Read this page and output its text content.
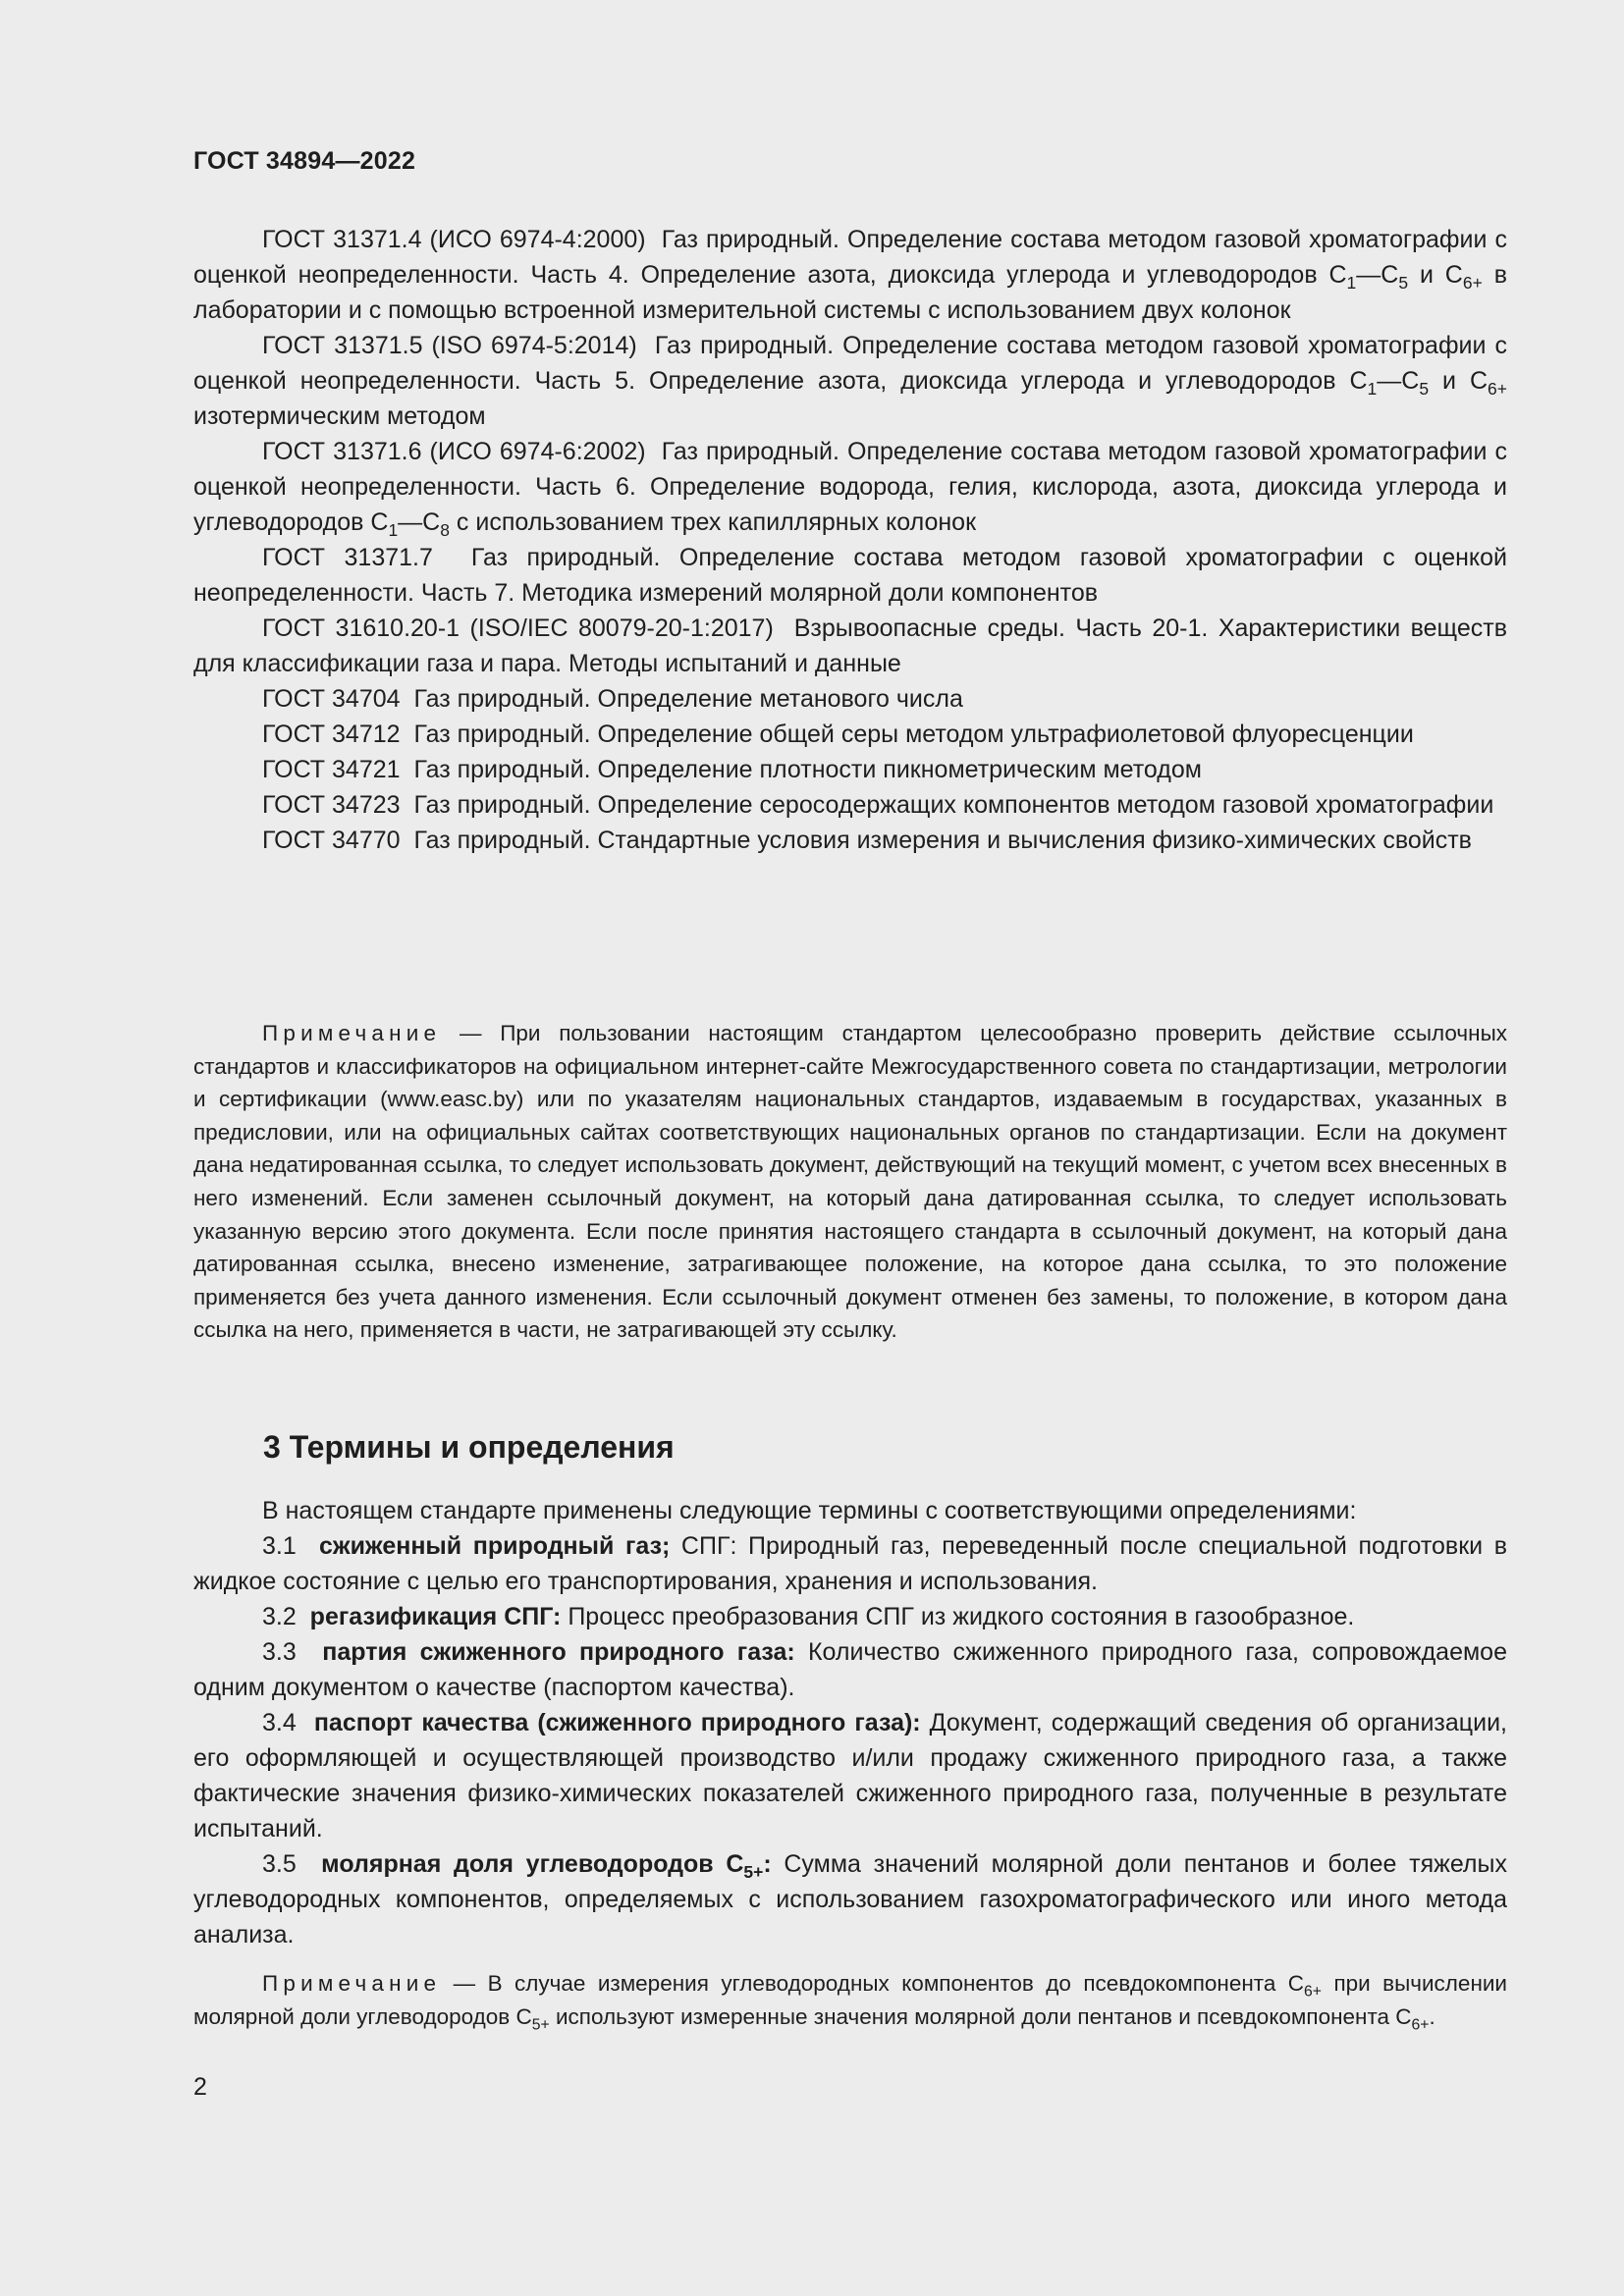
ГОСТ 34894—2022

ГОСТ 31371.4 (ИСО 6974-4:2000) Газ природный. Определение состава методом газовой хроматографии с оценкой неопределенности. Часть 4. Определение азота, диоксида углерода и углеводородов $C_1—C_5$ и $C_{6+}$ в лаборатории и с помощью встроенной измерительной системы с использованием двух колонок

ГОСТ 31371.5 (ISO 6974-5:2014) Газ природный. Определение состава методом газовой хроматографии с оценкой неопределенности. Часть 5. Определение азота, диоксида углерода и углеводородов $C_1—C_5$ и $C_{6+}$ изотермическим методом

ГОСТ 31371.6 (ИСО 6974-6:2002) Газ природный. Определение состава методом газовой хроматографии с оценкой неопределенности. Часть 6. Определение водорода, гелия, кислорода, азота, диоксида углерода и углеводородов $C_1—C_8$ с использованием трех капиллярных колонок

ГОСТ 31371.7 Газ природный. Определение состава методом газовой хроматографии с оценкой неопределенности. Часть 7. Методика измерений молярной доли компонентов

ГОСТ 31610.20-1 (ISO/IEC 80079-20-1:2017) Взрывоопасные среды. Часть 20-1. Характеристики веществ для классификации газа и пара. Методы испытаний и данные

ГОСТ 34704 Газ природный. Определение метанового числа

ГОСТ 34712 Газ природный. Определение общей серы методом ультрафиолетовой флуоресценции

ГОСТ 34721 Газ природный. Определение плотности пикнометрическим методом

ГОСТ 34723 Газ природный. Определение серосодержащих компонентов методом газовой хроматографии

ГОСТ 34770 Газ природный. Стандартные условия измерения и вычисления физико-химических свойств

Примечание — При пользовании настоящим стандартом целесообразно проверить действие ссылочных стандартов и классификаторов на официальном интернет-сайте Межгосударственного совета по стандартизации, метрологии и сертификации (www.easc.by) или по указателям национальных стандартов, издаваемым в государствах, указанных в предисловии, или на официальных сайтах соответствующих национальных органов по стандартизации. Если на документ дана недатированная ссылка, то следует использовать документ, действующий на текущий момент, с учетом всех внесенных в него изменений. Если заменен ссылочный документ, на который дана датированная ссылка, то следует использовать указанную версию этого документа. Если после принятия настоящего стандарта в ссылочный документ, на который дана датированная ссылка, внесено изменение, затрагивающее положение, на которое дана ссылка, то это положение применяется без учета данного изменения. Если ссылочный документ отменен без замены, то положение, в котором дана ссылка на него, применяется в части, не затрагивающей эту ссылку.

3 Термины и определения

В настоящем стандарте применены следующие термины с соответствующими определениями:

3.1 сжиженный природный газ; СПГ: Природный газ, переведенный после специальной подготовки в жидкое состояние с целью его транспортирования, хранения и использования.

3.2 регазификация СПГ: Процесс преобразования СПГ из жидкого состояния в газообразное.

3.3 партия сжиженного природного газа: Количество сжиженного природного газа, сопровождаемое одним документом о качестве (паспортом качества).

3.4 паспорт качества (сжиженного природного газа): Документ, содержащий сведения об организации, его оформляющей и осуществляющей производство и/или продажу сжиженного природного газа, а также фактические значения физико-химических показателей сжиженного природного газа, полученные в результате испытаний.

3.5 молярная доля углеводородов $C_{5+}$: Сумма значений молярной доли пентанов и более тяжелых углеводородных компонентов, определяемых с использованием газохроматографического или иного метода анализа.

Примечание — В случае измерения углеводородных компонентов до псевдокомпонента $C_{6+}$ при вычислении молярной доли углеводородов $C_{5+}$ используют измеренные значения молярной доли пентанов и псевдокомпонента $C_{6+}$.

2
